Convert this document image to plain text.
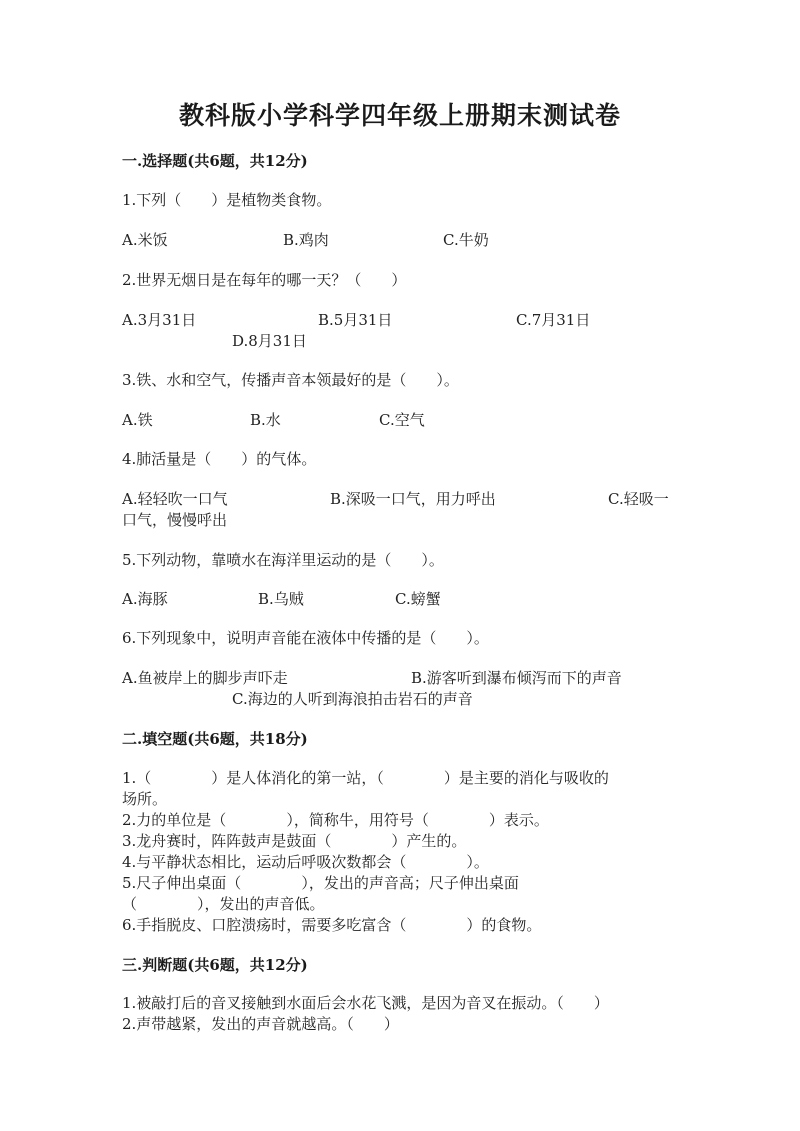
教科版小学科学四年级上册期末测试卷
一.选择题(共6题，共12分)
1.下列（　　）是植物类食物。
A.米饭	B.鸡肉	C.牛奶
2.世界无烟日是在每年的哪一天？（　　）
A.3月31日	B.5月31日	C.7月31日
D.8月31日
3.铁、水和空气，传播声音本领最好的是（　　）。
A.铁	B.水	C.空气
4.肺活量是（　　）的气体。
A.轻轻吹一口气	B.深吸一口气，用力呼出	C.轻吸一
口气，慢慢呼出
5.下列动物，靠喷水在海洋里运动的是（　　）。
A.海豚	B.乌贼	C.螃蟹
6.下列现象中，说明声音能在液体中传播的是（　　）。
A.鱼被岸上的脚步声吓走	B.游客听到瀑布倾泻而下的声音
C.海边的人听到海浪拍击岩石的声音
二.填空题(共6题，共18分)
1.（　　　　）是人体消化的第一站，（　　　　）是主要的消化与吸收的
场所。
2.力的单位是（　　　　），简称牛，用符号（　　　　）表示。
3.龙舟赛时，阵阵鼓声是鼓面（　　　　）产生的。
4.与平静状态相比，运动后呼吸次数都会（　　　　）。
5.尺子伸出桌面（　　　　），发出的声音高；尺子伸出桌面
（　　　　），发出的声音低。
6.手指脱皮、口腔溃疡时，需要多吃富含（　　　　）的食物。
三.判断题(共6题，共12分)
1.被敲打后的音叉接触到水面后会水花飞溅，是因为音叉在振动。（　　）
2.声带越紧，发出的声音就越高。（　　）
